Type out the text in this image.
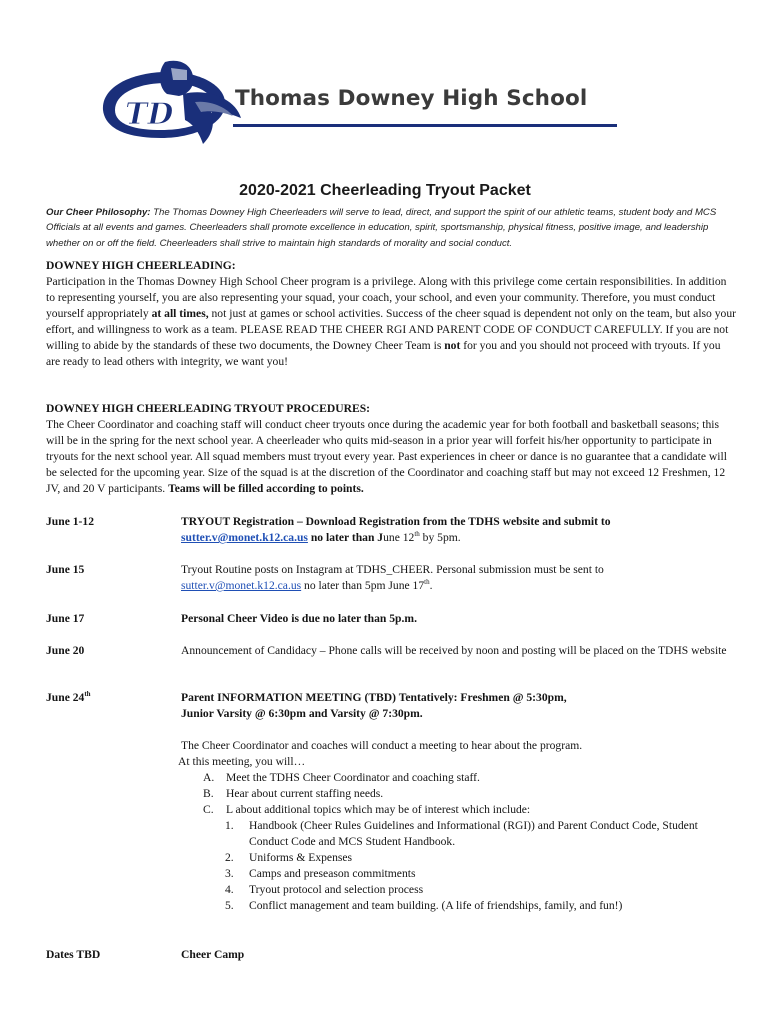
TD	Thomas Downey High School
2020-2021 Cheerleading Tryout Packet
Our Cheer Philosophy: The Thomas Downey High Cheerleaders will serve to lead, direct, and support the spirit of our athletic teams, student body and MCS Officials at all events and games. Cheerleaders shall promote excellence in education, spirit, sportsmanship, physical fitness, positive image, and leadership whether on or off the field. Cheerleaders shall strive to maintain high standards of morality and social conduct.
DOWNEY HIGH CHEERLEADING:
Participation in the Thomas Downey High School Cheer program is a privilege. Along with this privilege come certain responsibilities. In addition to representing yourself, you are also representing your squad, your coach, your school, and even your community. Therefore, you must conduct yourself appropriately at all times, not just at games or school activities. Success of the cheer squad is dependent not only on the team, but also your effort, and willingness to work as a team. PLEASE READ THE CHEER RGI AND PARENT CODE OF CONDUCT CAREFULLY. If you are not willing to abide by the standards of these two documents, the Downey Cheer Team is not for you and you should not proceed with tryouts. If you are ready to lead others with integrity, we want you!
DOWNEY HIGH CHEERLEADING TRYOUT PROCEDURES:
The Cheer Coordinator and coaching staff will conduct cheer tryouts once during the academic year for both football and basketball seasons; this will be in the spring for the next school year. A cheerleader who quits mid-season in a prior year will forfeit his/her opportunity to participate in tryouts for the next school year. All squad members must tryout every year. Past experiences in cheer or dance is no guarantee that a candidate will be selected for the upcoming year. Size of the squad is at the discretion of the Coordinator and coaching staff but may not exceed 12 Freshmen, 12 JV, and 20 V participants. Teams will be filled according to points.
June 1-12	TRYOUT Registration – Download Registration from the TDHS website and submit to
sutter.v@monet.k12.ca.us no later than June 12th by 5pm.
June 15	Tryout Routine posts on Instagram at TDHS_CHEER. Personal submission must be sent to
sutter.v@monet.k12.ca.us no later than 5pm June 17th.
June 17	Personal Cheer Video is due no later than 5p.m.
June 20	Announcement of Candidacy – Phone calls will be received by noon and posting will be placed on the TDHS website
June 24th	Parent INFORMATION MEETING (TBD) Tentatively: Freshmen @ 5:30pm,
Junior Varsity @ 6:30pm and Varsity @ 7:30pm.
The Cheer Coordinator and coaches will conduct a meeting to hear about the program.
At this meeting, you will…
A. Meet the TDHS Cheer Coordinator and coaching staff.
B. Hear about current staffing needs.
C. L about additional topics which may be of interest which include:
1. Handbook (Cheer Rules Guidelines and Informational (RGI)) and Parent Conduct Code, Student Conduct Code and MCS Student Handbook.
2. Uniforms & Expenses
3. Camps and preseason commitments
4. Tryout protocol and selection process
5. Conflict management and team building. (A life of friendships, family, and fun!)
Dates TBD	Cheer Camp
